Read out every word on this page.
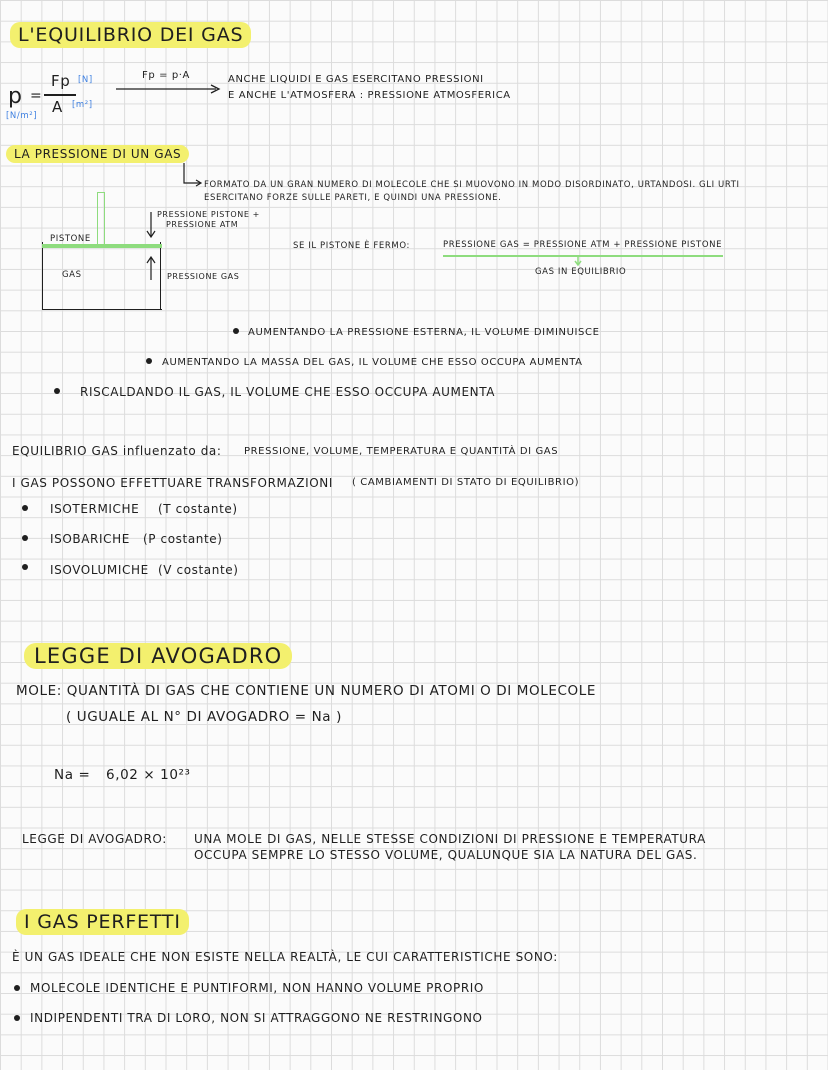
L'EQUILIBRIO DEI GAS
p =
[N/m²]
Fp [N]
A [m²]
Fp = p·A	ANCHE LIQUIDI E GAS ESERCITANO PRESSIONI
E ANCHE L'ATMOSFERA : PRESSIONE ATMOSFERICA
LA PRESSIONE DI UN GAS
FORMATO DA UN GRAN NUMERO DI MOLECOLE CHE SI MUOVONO IN MODO DISORDINATO, URTANDOSI. GLI URTI
ESERCITANO FORZE SULLE PARETI, E QUINDI UNA PRESSIONE.
PISTONE
GAS
PRESSIONE PISTONE +
PRESSIONE ATM
PRESSIONE GAS
SE IL PISTONE È FERMO:	PRESSIONE GAS = PRESSIONE ATM + PRESSIONE PISTONE
GAS IN EQUILIBRIO
AUMENTANDO LA PRESSIONE ESTERNA, IL VOLUME DIMINUISCE
AUMENTANDO LA MASSA DEL GAS, IL VOLUME CHE ESSO OCCUPA AUMENTA
RISCALDANDO IL GAS, IL VOLUME CHE ESSO OCCUPA AUMENTA
EQUILIBRIO GAS influenzato da: PRESSIONE, VOLUME, TEMPERATURA E QUANTITÀ DI GAS
I GAS POSSONO EFFETTUARE TRANSFORMAZIONI ( CAMBIAMENTI DI STATO DI EQUILIBRIO)
ISOTERMICHE (T costante)
ISOBARICHE (P costante)
ISOVOLUMICHE (V costante)
LEGGE DI AVOGADRO
MOLE: QUANTITÀ DI GAS CHE CONTIENE UN NUMERO DI ATOMI O DI MOLECOLE
( UGUALE AL N° DI AVOGADRO = Na )
Na = 6,02 × 10²³
LEGGE DI AVOGADRO: UNA MOLE DI GAS, NELLE STESSE CONDIZIONI DI PRESSIONE E TEMPERATURA
OCCUPA SEMPRE LO STESSO VOLUME, QUALUNQUE SIA LA NATURA DEL GAS.
I GAS PERFETTI
È UN GAS IDEALE CHE NON ESISTE NELLA REALTÀ, LE CUI CARATTERISTICHE SONO:
MOLECOLE IDENTICHE E PUNTIFORMI, NON HANNO VOLUME PROPRIO
INDIPENDENTI TRA DI LORO, NON SI ATTRAGGONO NE RESTRINGONO
